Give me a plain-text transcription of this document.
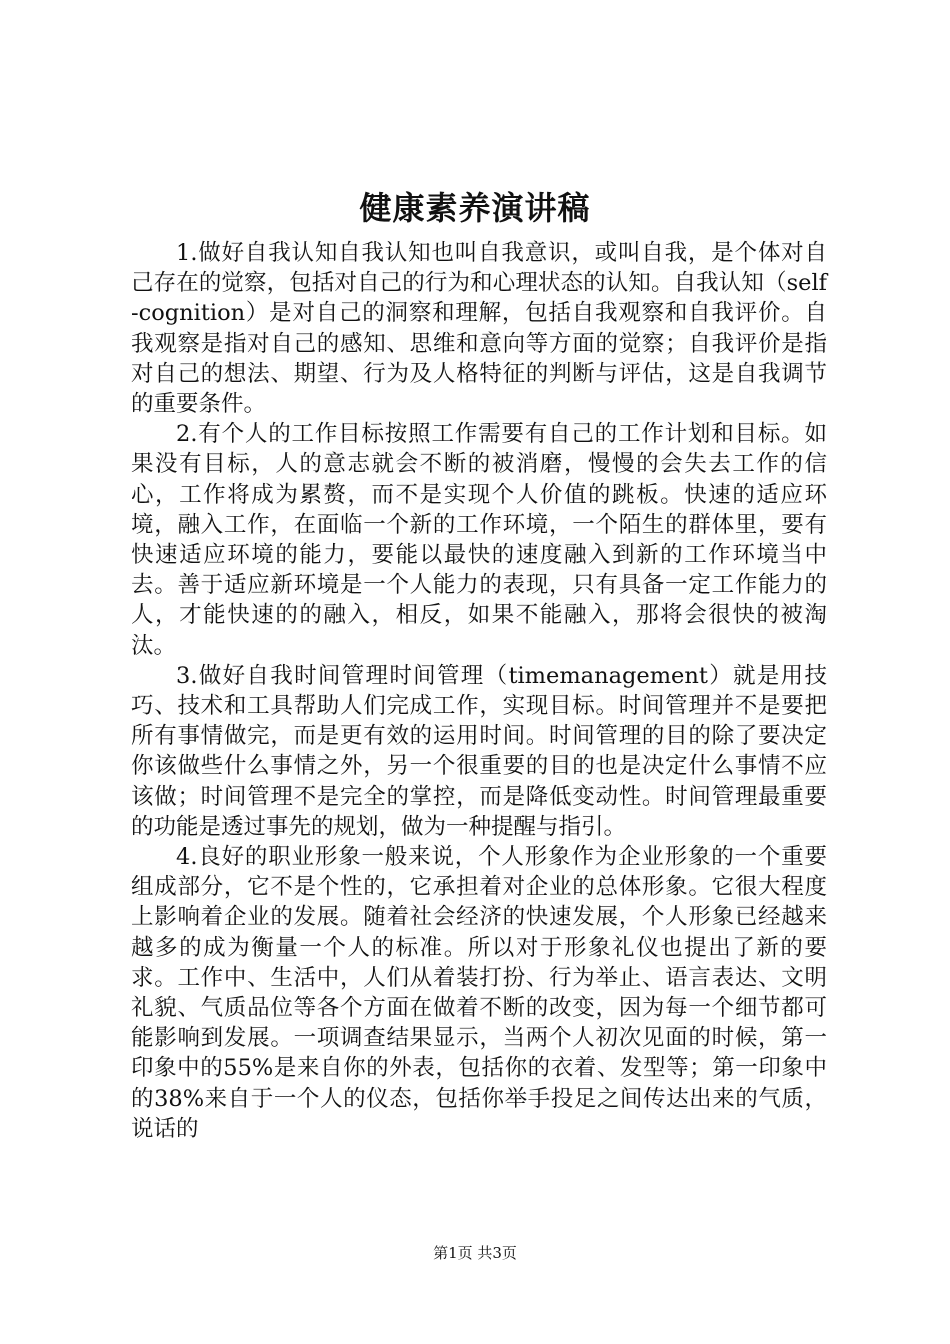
健康素养演讲稿

1.做好自我认知自我认知也叫自我意识，或叫自我，是个体对自己存在的觉察，包括对自己的行为和心理状态的认知。自我认知（self-cognition）是对自己的洞察和理解，包括自我观察和自我评价。自我观察是指对自己的感知、思维和意向等方面的觉察；自我评价是指对自己的想法、期望、行为及人格特征的判断与评估，这是自我调节的重要条件。

2.有个人的工作目标按照工作需要有自己的工作计划和目标。如果没有目标，人的意志就会不断的被消磨，慢慢的会失去工作的信心，工作将成为累赘，而不是实现个人价值的跳板。快速的适应环境，融入工作，在面临一个新的工作环境，一个陌生的群体里，要有快速适应环境的能力，要能以最快的速度融入到新的工作环境当中去。善于适应新环境是一个人能力的表现，只有具备一定工作能力的人，才能快速的的融入，相反，如果不能融入，那将会很快的被淘汰。

3.做好自我时间管理时间管理（timemanagement）就是用技巧、技术和工具帮助人们完成工作，实现目标。时间管理并不是要把所有事情做完，而是更有效的运用时间。时间管理的目的除了要决定你该做些什么事情之外，另一个很重要的目的也是决定什么事情不应该做；时间管理不是完全的掌控，而是降低变动性。时间管理最重要的功能是透过事先的规划，做为一种提醒与指引。

4.良好的职业形象一般来说，个人形象作为企业形象的一个重要组成部分，它不是个性的，它承担着对企业的总体形象。它很大程度上影响着企业的发展。随着社会经济的快速发展，个人形象已经越来越多的成为衡量一个人的标准。所以对于形象礼仪也提出了新的要求。工作中、生活中，人们从着装打扮、行为举止、语言表达、文明礼貌、气质品位等各个方面在做着不断的改变，因为每一个细节都可能影响到发展。一项调查结果显示，当两个人初次见面的时候，第一印象中的55%是来自你的外表，包括你的衣着、发型等；第一印象中的38%来自于一个人的仪态，包括你举手投足之间传达出来的气质，说话的

第1页 共3页
